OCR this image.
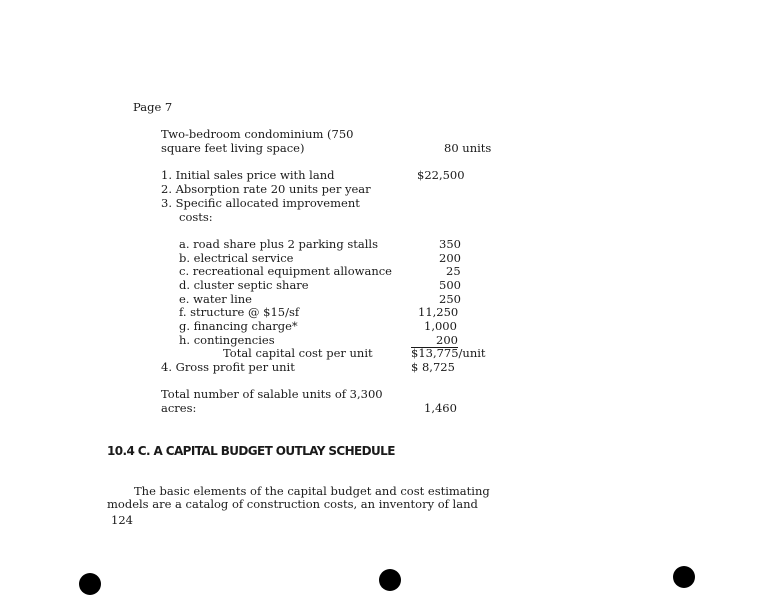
Page 7
Two-bedroom condominium (750
square feet living space)	80 units
1. Initial sales price with land	$22,500
2. Absorption rate 20 units per year
3. Specific allocated improvement
costs:
a. road share plus 2 parking stalls	350
b. electrical service	200
c. recreational equipment allowance	25
d. cluster septic share	500
e. water line	250
f. structure @ $15/sf	11,250
g. financing charge*	1,000
h. contingencies	200
Total capital cost per unit	$13,775/unit
4. Gross profit per unit	$ 8,725
Total number of salable units of 3,300
acres:	1,460
10.4 C. A CAPITAL BUDGET OUTLAY SCHEDULE
The basic elements of the capital budget and cost estimating
models are a catalog of construction costs, an inventory of land
124
